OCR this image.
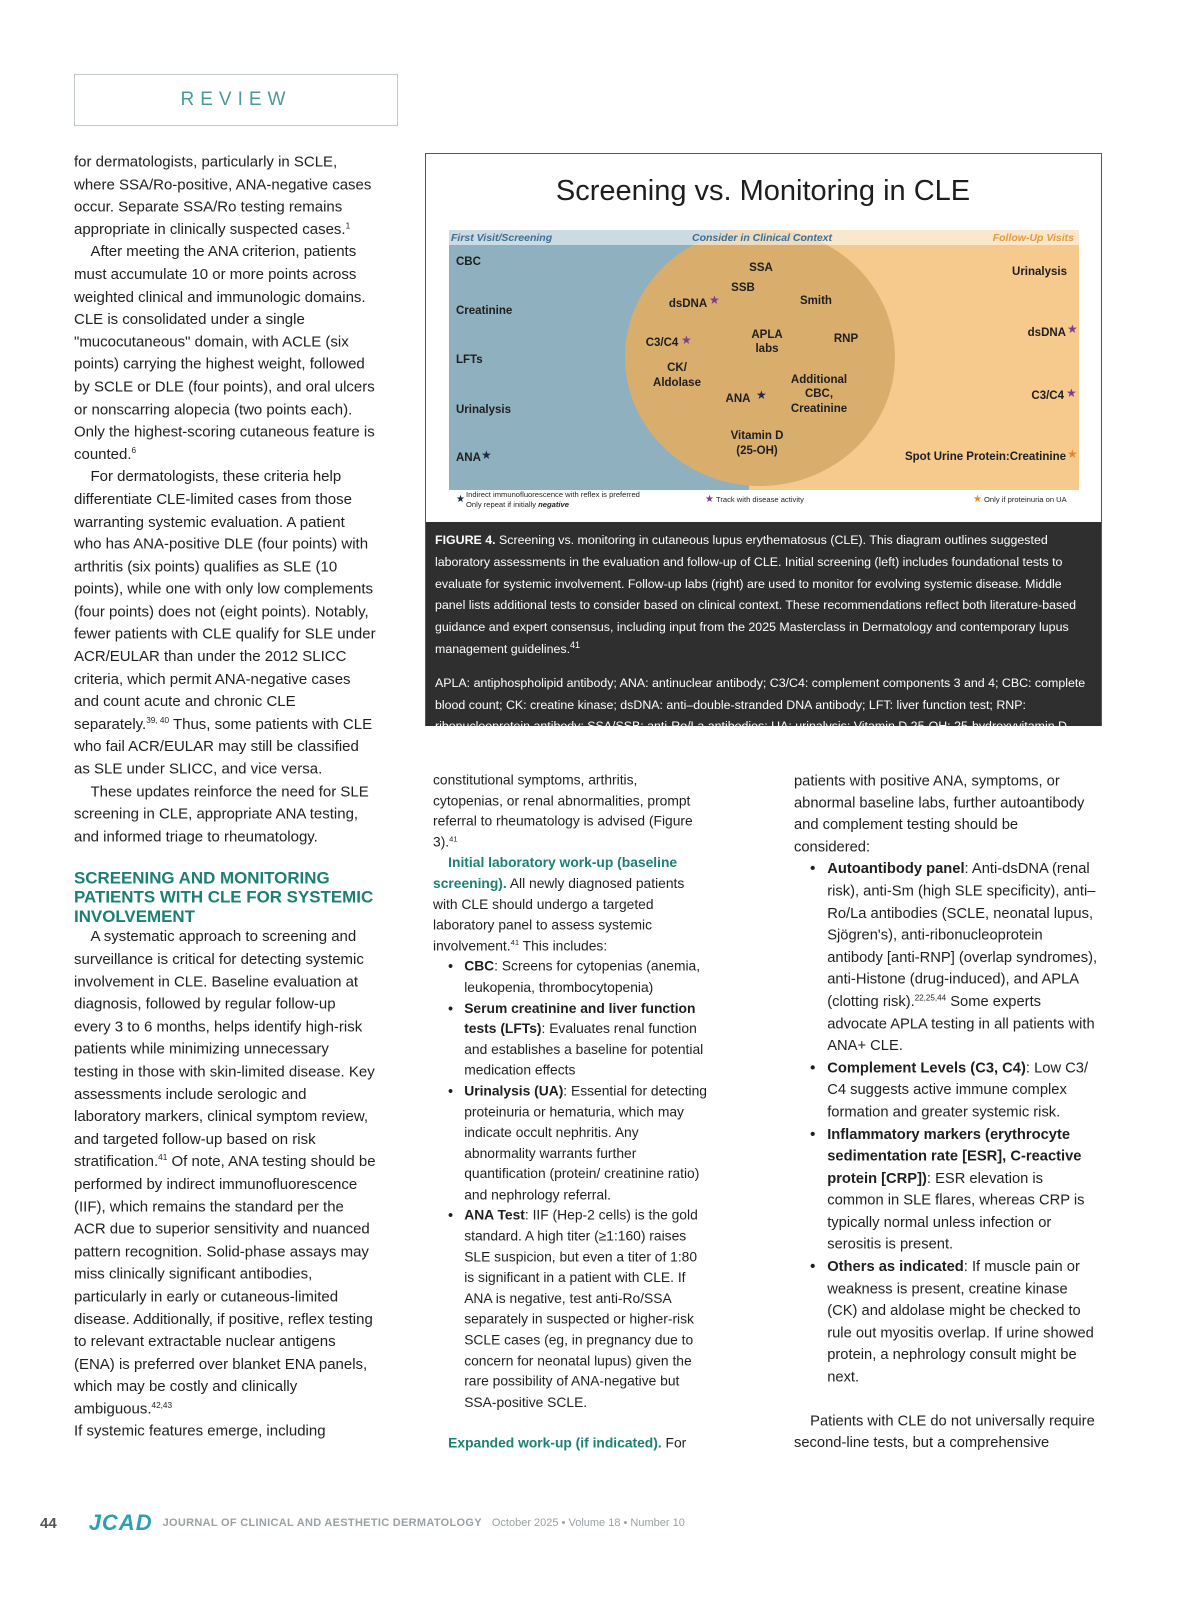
REVIEW

for dermatologists, particularly in SCLE, where SSA/Ro-positive, ANA-negative cases occur. Separate SSA/Ro testing remains appropriate in clinically suspected cases.$^1$

After meeting the ANA criterion, patients must accumulate 10 or more points across weighted clinical and immunologic domains. CLE is consolidated under a single "mucocutaneous" domain, with ACLE (six points) carrying the highest weight, followed by SCLE or DLE (four points), and oral ulcers or nonscarring alopecia (two points each). Only the highest-scoring cutaneous feature is counted.$^6$

For dermatologists, these criteria help differentiate CLE-limited cases from those warranting systemic evaluation. A patient who has ANA-positive DLE (four points) with arthritis (six points) qualifies as SLE (10 points), while one with only low complements (four points) does not (eight points). Notably, fewer patients with CLE qualify for SLE under ACR/EULAR than under the 2012 SLICC criteria, which permit ANA-negative cases and count acute and chronic CLE separately.$^{39, 40}$ Thus, some patients with CLE who fail ACR/EULAR may still be classified as SLE under SLICC, and vice versa.

These updates reinforce the need for SLE screening in CLE, appropriate ANA testing, and informed triage to rheumatology.

SCREENING AND MONITORING PATIENTS WITH CLE FOR SYSTEMIC INVOLVEMENT

A systematic approach to screening and surveillance is critical for detecting systemic involvement in CLE. Baseline evaluation at diagnosis, followed by regular follow-up every 3 to 6 months, helps identify high-risk patients while minimizing unnecessary testing in those with skin-limited disease. Key assessments include serologic and laboratory markers, clinical symptom review, and targeted follow-up based on risk stratification.$^{41}$ Of note, ANA testing should be performed by indirect immunofluorescence (IIF), which remains the standard per the ACR due to superior sensitivity and nuanced pattern recognition. Solid-phase assays may miss clinically significant antibodies, particularly in early or cutaneous-limited disease. Additionally, if positive, reflex testing to relevant extractable nuclear antigens (ENA) is preferred over blanket ENA panels, which may be costly and clinically ambiguous.$^{42,43}$

If systemic features emerge, including

Screening vs. Monitoring in CLE
First Visit/Screening	Consider in Clinical Context	Follow-Up Visits
CBC
Creatinine
LFTs
Urinalysis
ANA
SSA
SSB
dsDNA	Smith
C3/C4
APLA
labs
RNP
CK/
Aldolase
ANA
Additional
CBC,
Creatinine
Vitamin D
(25-OH)
Urinalysis
dsDNA
C3/C4
Spot Urine Protein:Creatinine
★
★
★
★
★
★
★
★ Indirect immunofluorescence with reflex is preferred
Only repeat if initially negative	★ Track with disease activity	★ Only if proteinuria on UA

FIGURE 4. Screening vs. monitoring in cutaneous lupus erythematosus (CLE). This diagram outlines suggested laboratory assessments in the evaluation and follow-up of CLE. Initial screening (left) includes foundational tests to evaluate for systemic involvement. Follow-up labs (right) are used to monitor for evolving systemic disease. Middle panel lists additional tests to consider based on clinical context. These recommendations reflect both literature-based guidance and expert consensus, including input from the 2025 Masterclass in Dermatology and contemporary lupus management guidelines.$^{41}$

APLA: antiphospholipid antibody; ANA: antinuclear antibody; C3/C4: complement components 3 and 4; CBC: complete blood count; CK: creatine kinase; dsDNA: anti–double-stranded DNA antibody; LFT: liver function test; RNP: ribonucleoprotein antibody; SSA/SSB: anti-Ro/La antibodies; UA: urinalysis; Vitamin D 25-OH: 25-hydroxyvitamin D

constitutional symptoms, arthritis, cytopenias, or renal abnormalities, prompt referral to rheumatology is advised (Figure 3).$^{41}$

Initial laboratory work-up (baseline screening). All newly diagnosed patients with CLE should undergo a targeted laboratory panel to assess systemic involvement.$^{41}$ This includes:

• CBC: Screens for cytopenias (anemia, leukopenia, thrombocytopenia)
• Serum creatinine and liver function tests (LFTs): Evaluates renal function and establishes a baseline for potential medication effects
• Urinalysis (UA): Essential for detecting proteinuria or hematuria, which may indicate occult nephritis. Any abnormality warrants further quantification (protein/ creatinine ratio) and nephrology referral.
• ANA Test: IIF (Hep-2 cells) is the gold standard. A high titer (≥1:160) raises SLE suspicion, but even a titer of 1:80 is significant in a patient with CLE. If ANA is negative, test anti-Ro/SSA separately in suspected or higher-risk SCLE cases (eg, in pregnancy due to concern for neonatal lupus) given the rare possibility of ANA-negative but SSA-positive SCLE.

Expanded work-up (if indicated). For

patients with positive ANA, symptoms, or abnormal baseline labs, further autoantibody and complement testing should be considered:

• Autoantibody panel: Anti-dsDNA (renal risk), anti-Sm (high SLE specificity), anti–Ro/La antibodies (SCLE, neonatal lupus, Sjögren's), anti-ribonucleoprotein antibody [anti-RNP] (overlap syndromes), anti-Histone (drug-induced), and APLA (clotting risk).$^{22,25,44}$ Some experts advocate APLA testing in all patients with ANA+ CLE.
• Complement Levels (C3, C4): Low C3/ C4 suggests active immune complex formation and greater systemic risk.
• Inflammatory markers (erythrocyte sedimentation rate [ESR], C-reactive protein [CRP]): ESR elevation is common in SLE flares, whereas CRP is typically normal unless infection or serositis is present.
• Others as indicated: If muscle pain or weakness is present, creatine kinase (CK) and aldolase might be checked to rule out myositis overlap. If urine showed protein, a nephrology consult might be next.

Patients with CLE do not universally require second-line tests, but a comprehensive

44 JCAD JOURNAL OF CLINICAL AND AESTHETIC DERMATOLOGY October 2025 • Volume 18 • Number 10
